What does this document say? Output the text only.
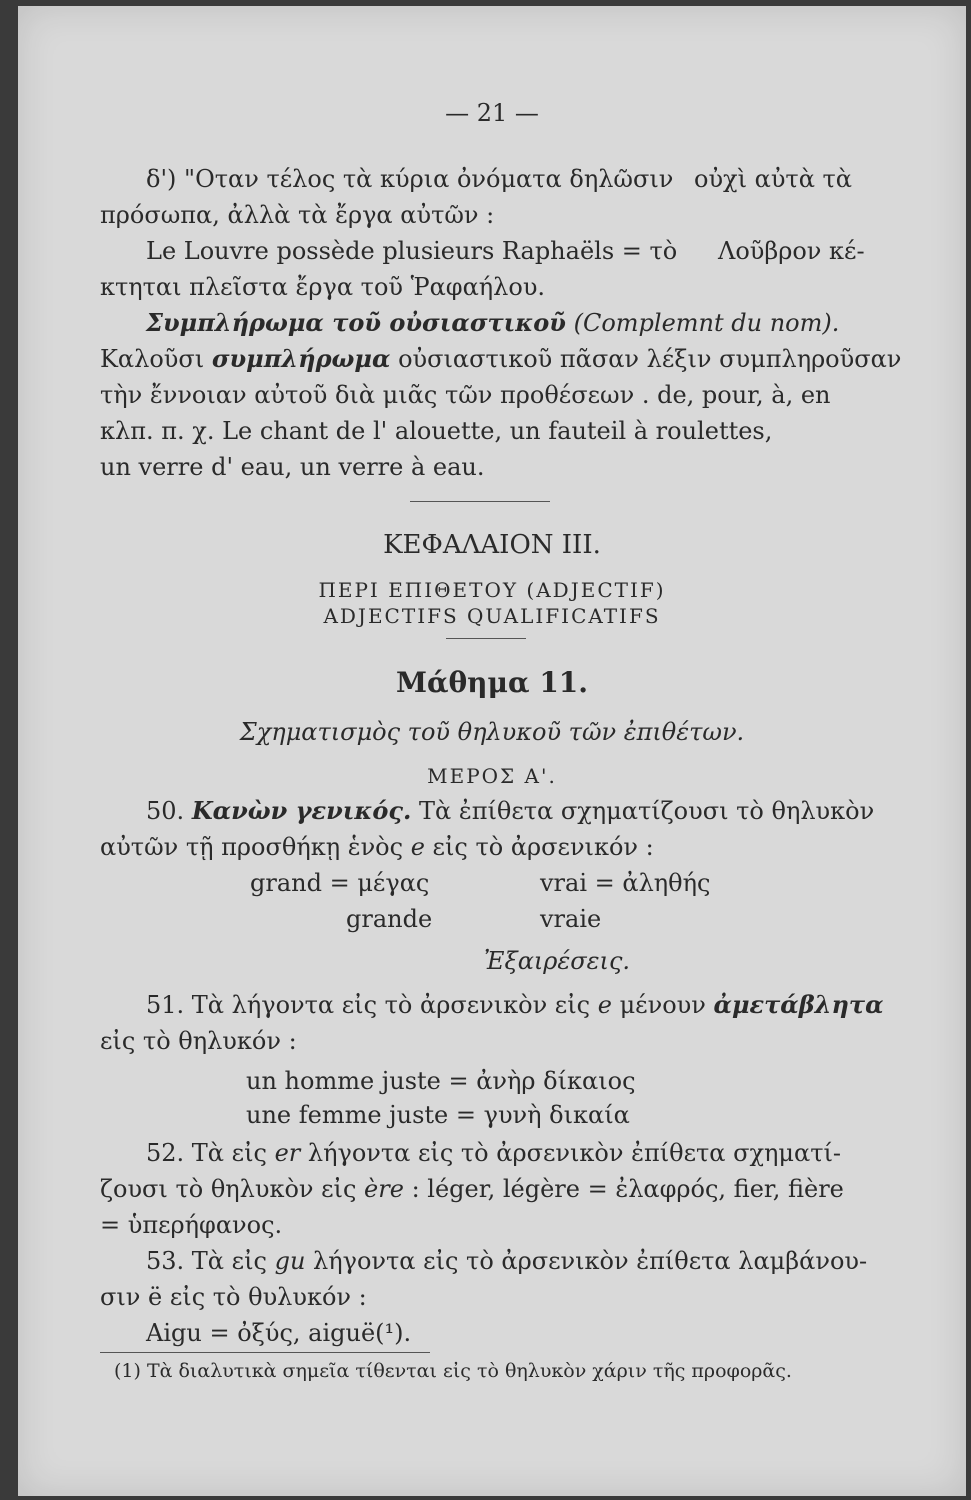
— 21 —
δ') "Οταν τέλος τὰ κύρια ὀνόματα δηλῶσιν οὐχὶ αὐτὰ τὰ
πρόσωπα, ἀλλὰ τὰ ἔργα αὐτῶν :
Le Louvre possède plusieurs Raphaëls = τὸ Λοῦβρον κέ-
κτηται πλεῖστα ἔργα τοῦ Ῥαφαήλου.
Συμπλήρωμα τοῦ οὐσιαστικοῦ (Complemnt du nom).
Καλοῦσι συμπλήρωμα οὐσιαστικοῦ πᾶσαν λέξιν συμπληροῦσαν
τὴν ἔννοιαν αὐτοῦ διὰ μιᾶς τῶν προθέσεων . de, pour, à, en
κλπ. π. χ. Le chant de l' alouette, un fauteil à roulettes,
un verre d' eau, un verre à eau.
ΚΕΦΑΛΑΙΟΝ III.
ΠΕΡΙ ΕΠΙΘΕΤΟΥ (ADJECTIF)
ADJECTIFS QUALIFICATIFS
Μάθημα 11.
Σχηματισμὸς τοῦ θηλυκοῦ τῶν ἐπιθέτων.
ΜΕΡΟΣ Α'.
50. Κανὼν γενικός. Τὰ ἐπίθετα σχηματίζουσι τὸ θηλυκὸν
αὐτῶν τῇ προσθήκῃ ἑνὸς e εἰς τὸ ἀρσενικόν :
grand = μέγας
grande
vrai = ἀληθής
vraie
Ἐξαιρέσεις.
51. Τὰ λήγοντα εἰς τὸ ἀρσενικὸν εἰς e μένουν ἀμετάβλητα
εἰς τὸ θηλυκόν :
un homme juste = ἀνὴρ δίκαιος
une femme juste = γυνὴ δικαία
52. Τὰ εἰς er λήγοντα εἰς τὸ ἀρσενικὸν ἐπίθετα σχηματί-
ζουσι τὸ θηλυκὸν εἰς ère : léger, légère = ἐλαφρός, fier, fière
= ὑπερήφανος.
53. Τὰ εἰς gu λήγοντα εἰς τὸ ἀρσενικὸν ἐπίθετα λαμβάνου-
σιν ë εἰς τὸ θυλυκόν :
Aigu = ὀξύς, aiguë(¹).
(1) Τὰ διαλυτικὰ σημεῖα τίθενται εἰς τὸ θηλυκὸν χάριν τῆς προφορᾶς.
